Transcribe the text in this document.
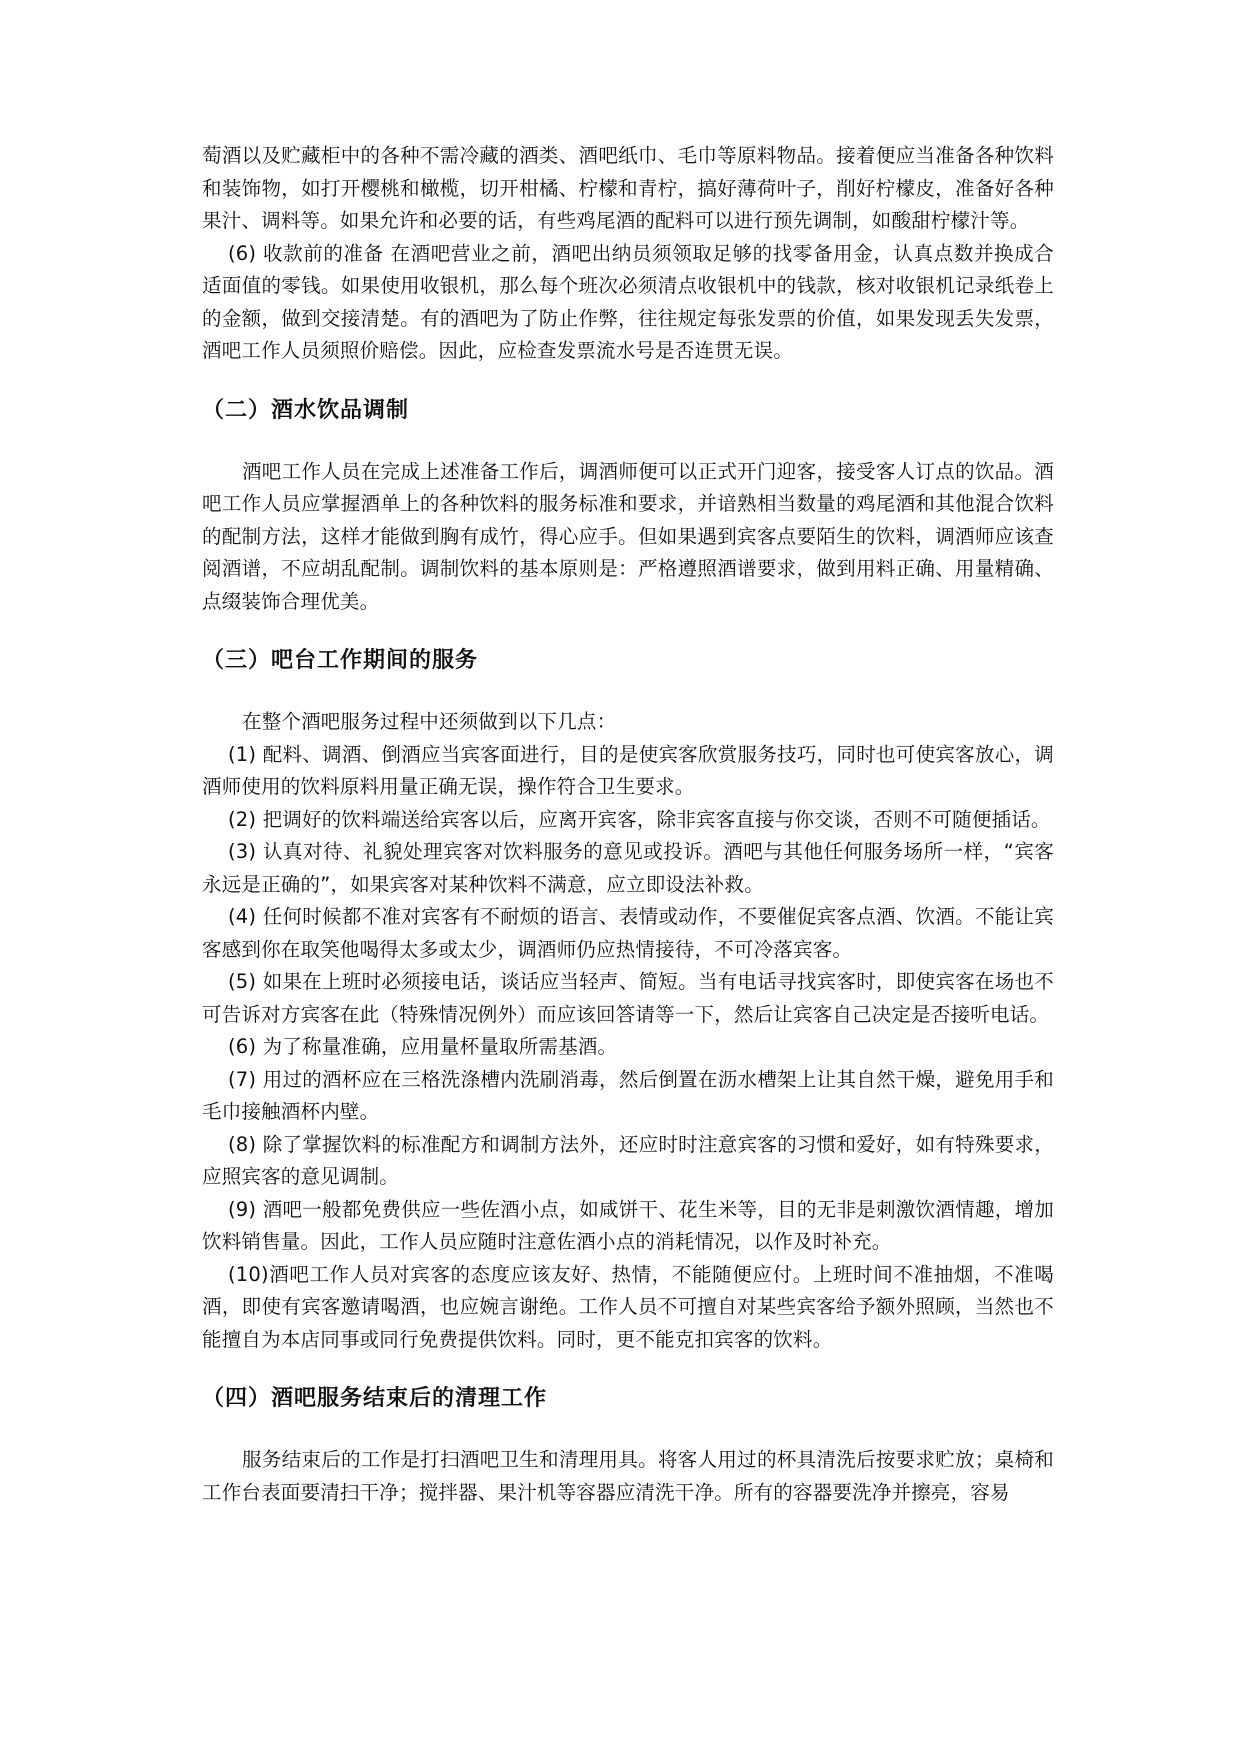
萄酒以及贮藏柜中的各种不需冷藏的酒类、酒吧纸巾、毛巾等原料物品。接着便应当准备各种饮料和装饰物，如打开樱桃和橄榄，切开柑橘、柠檬和青柠，搞好薄荷叶子，削好柠檬皮，准备好各种果汁、调料等。如果允许和必要的话，有些鸡尾酒的配料可以进行预先调制，如酸甜柠檬汁等。

(6) 收款前的准备 在酒吧营业之前，酒吧出纳员须领取足够的找零备用金，认真点数并换成合适面值的零钱。如果使用收银机，那么每个班次必须清点收银机中的钱款，核对收银机记录纸卷上的金额，做到交接清楚。有的酒吧为了防止作弊，往往规定每张发票的价值，如果发现丢失发票，酒吧工作人员须照价赔偿。因此，应检查发票流水号是否连贯无误。

（二）酒水饮品调制

酒吧工作人员在完成上述准备工作后，调酒师便可以正式开门迎客，接受客人订点的饮品。酒吧工作人员应掌握酒单上的各种饮料的服务标准和要求，并谙熟相当数量的鸡尾酒和其他混合饮料的配制方法，这样才能做到胸有成竹，得心应手。但如果遇到宾客点要陌生的饮料，调酒师应该查阅酒谱，不应胡乱配制。调制饮料的基本原则是：严格遵照酒谱要求，做到用料正确、用量精确、点缀装饰合理优美。

（三）吧台工作期间的服务

在整个酒吧服务过程中还须做到以下几点：

(1) 配料、调酒、倒酒应当宾客面进行，目的是使宾客欣赏服务技巧，同时也可使宾客放心，调酒师使用的饮料原料用量正确无误，操作符合卫生要求。

(2) 把调好的饮料端送给宾客以后，应离开宾客，除非宾客直接与你交谈，否则不可随便插话。

(3) 认真对待、礼貌处理宾客对饮料服务的意见或投诉。酒吧与其他任何服务场所一样，“宾客永远是正确的”，如果宾客对某种饮料不满意，应立即设法补救。

(4) 任何时候都不准对宾客有不耐烦的语言、表情或动作，不要催促宾客点酒、饮酒。不能让宾客感到你在取笑他喝得太多或太少，调酒师仍应热情接待，不可冷落宾客。

(5) 如果在上班时必须接电话，谈话应当轻声、简短。当有电话寻找宾客时，即使宾客在场也不可告诉对方宾客在此（特殊情况例外）而应该回答请等一下，然后让宾客自己决定是否接听电话。

(6) 为了称量准确，应用量杯量取所需基酒。

(7) 用过的酒杯应在三格洗涤槽内洗刷消毒，然后倒置在沥水槽架上让其自然干燥，避免用手和毛巾接触酒杯内壁。

(8) 除了掌握饮料的标准配方和调制方法外，还应时时注意宾客的习惯和爱好，如有特殊要求，应照宾客的意见调制。

(9) 酒吧一般都免费供应一些佐酒小点，如咸饼干、花生米等，目的无非是刺激饮酒情趣，增加饮料销售量。因此，工作人员应随时注意佐酒小点的消耗情况，以作及时补充。

(10)酒吧工作人员对宾客的态度应该友好、热情，不能随便应付。上班时间不准抽烟，不准喝酒，即使有宾客邀请喝酒，也应婉言谢绝。工作人员不可擅自对某些宾客给予额外照顾，当然也不能擅自为本店同事或同行免费提供饮料。同时，更不能克扣宾客的饮料。

（四）酒吧服务结束后的清理工作

服务结束后的工作是打扫酒吧卫生和清理用具。将客人用过的杯具清洗后按要求贮放；桌椅和工作台表面要清扫干净；搅拌器、果汁机等容器应清洗干净。所有的容器要洗净并擦亮，容易
